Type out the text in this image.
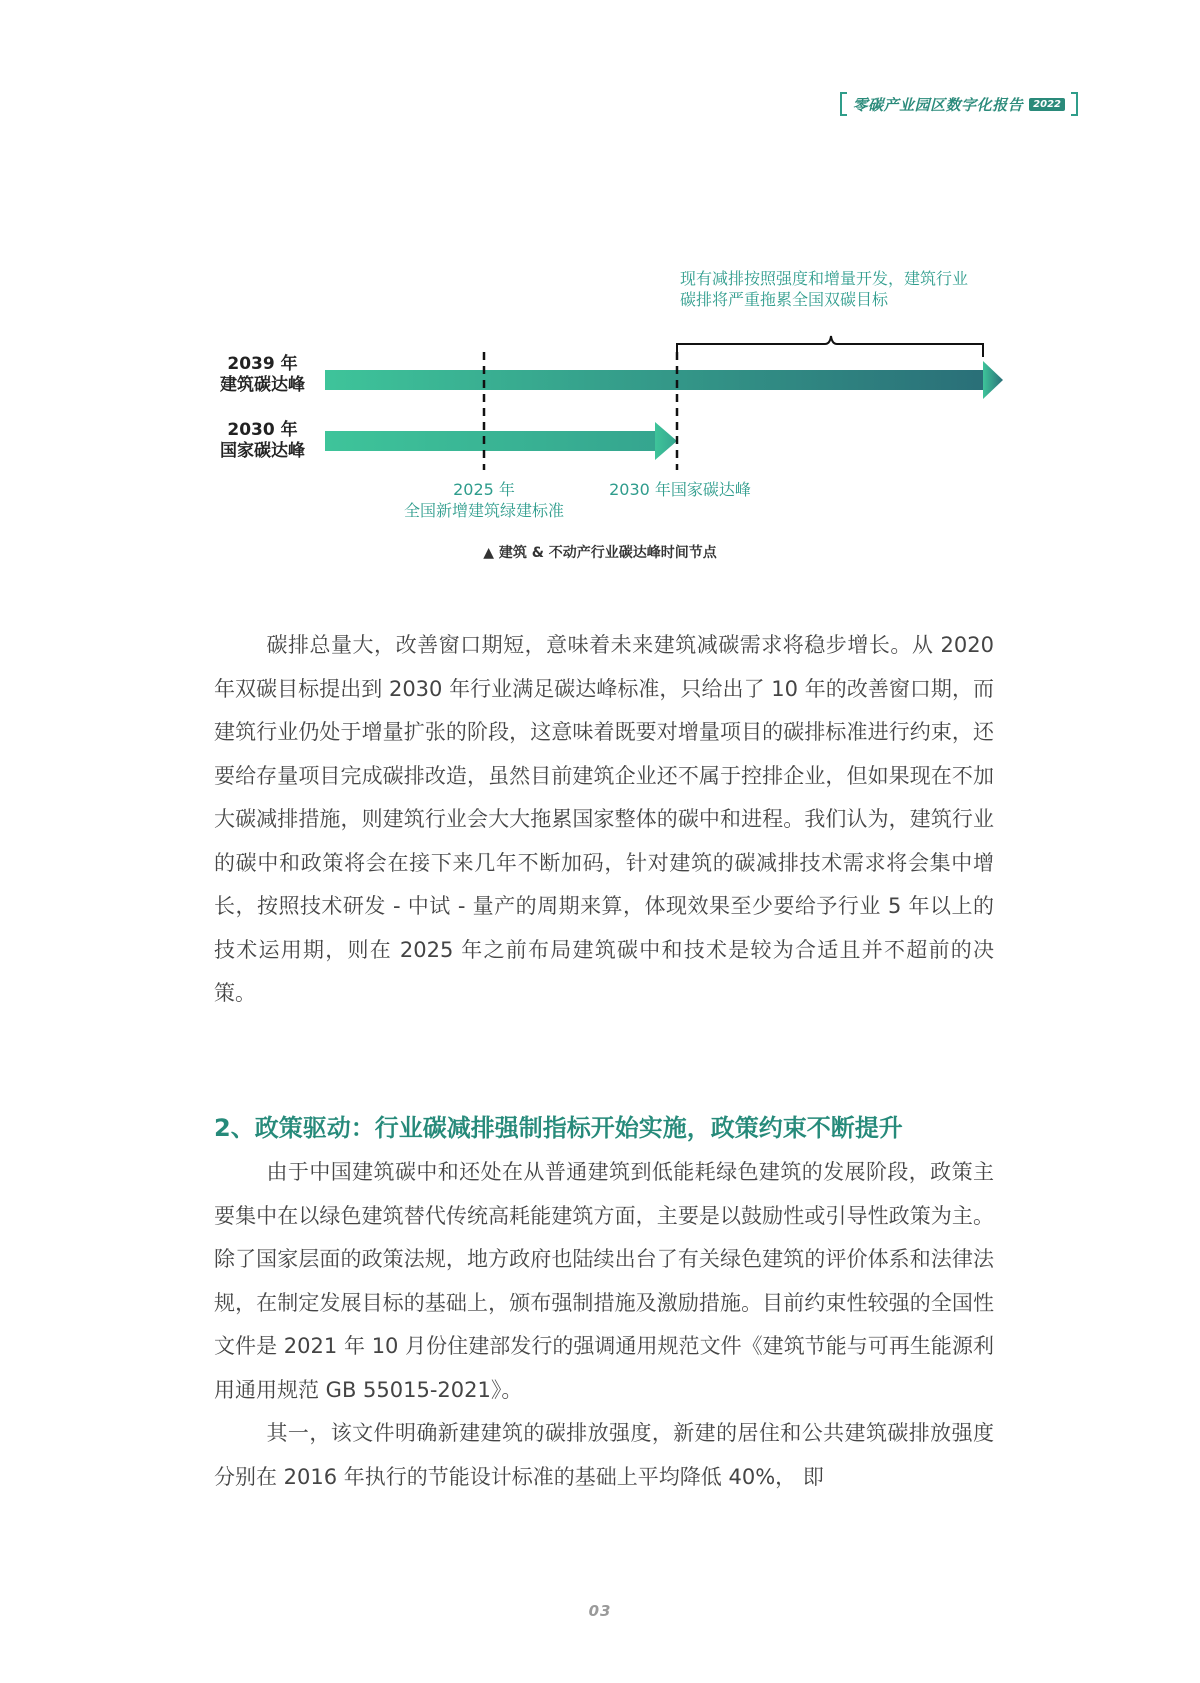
零碳产业园区数字化报告	2022
2039 年
建筑碳达峰
2030 年
国家碳达峰
现有减排按照强度和增量开发，建筑行业
碳排将严重拖累全国双碳目标
2025 年
全国新增建筑绿建标准
2030 年国家碳达峰
▲ 建筑 & 不动产行业碳达峰时间节点

碳排总量大，改善窗口期短，意味着未来建筑减碳需求将稳步增长。从 2020 年双碳目标提出到 2030 年行业满足碳达峰标准，只给出了 10 年的改善窗口期，而建筑行业仍处于增量扩张的阶段，这意味着既要对增量项目的碳排标准进行约束，还要给存量项目完成碳排改造，虽然目前建筑企业还不属于控排企业，但如果现在不加大碳减排措施，则建筑行业会大大拖累国家整体的碳中和进程。我们认为，建筑行业的碳中和政策将会在接下来几年不断加码，针对建筑的碳减排技术需求将会集中增长，按照技术研发 - 中试 - 量产的周期来算，体现效果至少要给予行业 5 年以上的技术运用期，则在 2025 年之前布局建筑碳中和技术是较为合适且并不超前的决策。

2、政策驱动：行业碳减排强制指标开始实施，政策约束不断提升

由于中国建筑碳中和还处在从普通建筑到低能耗绿色建筑的发展阶段，政策主要集中在以绿色建筑替代传统高耗能建筑方面，主要是以鼓励性或引导性政策为主。除了国家层面的政策法规，地方政府也陆续出台了有关绿色建筑的评价体系和法律法规，在制定发展目标的基础上，颁布强制措施及激励措施。目前约束性较强的全国性文件是 2021 年 10 月份住建部发行的强调通用规范文件《建筑节能与可再生能源利用通用规范 GB 55015-2021》。

其一，该文件明确新建建筑的碳排放强度，新建的居住和公共建筑碳排放强度分别在 2016 年执行的节能设计标准的基础上平均降低 40%， 即

03
